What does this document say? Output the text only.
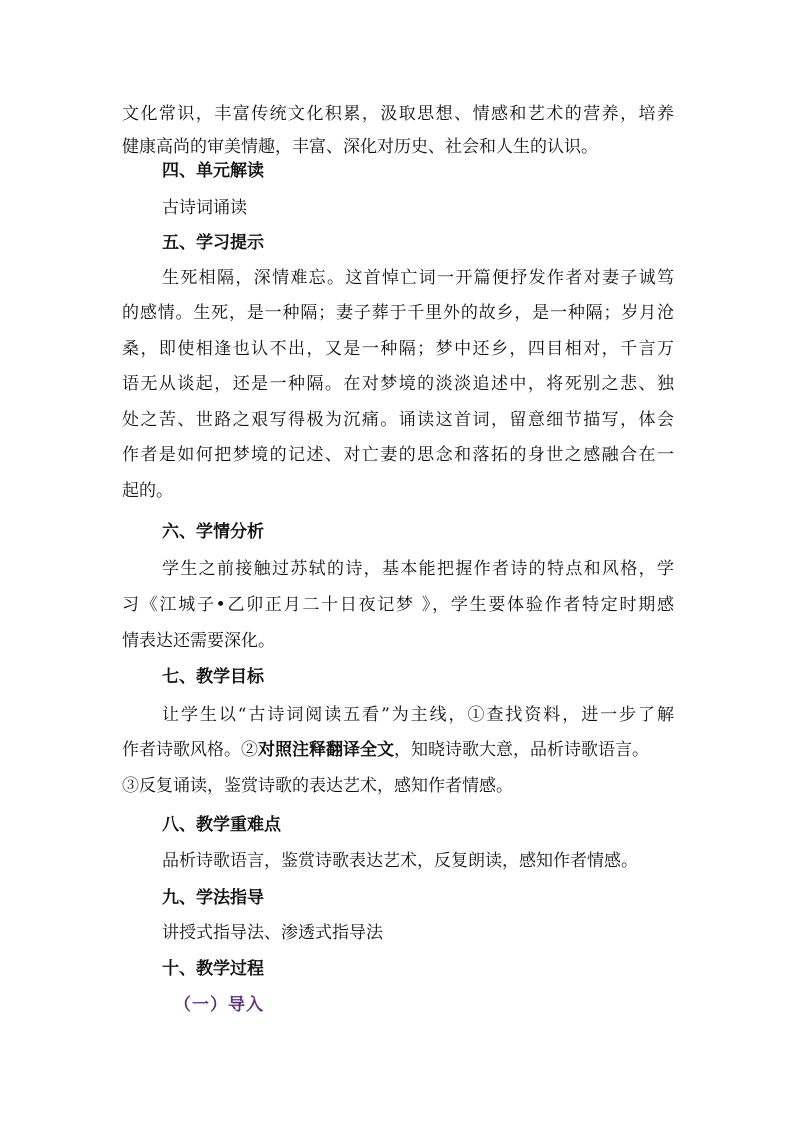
文化常识，丰富传统文化积累，汲取思想、情感和艺术的营养，培养
健康高尚的审美情趣，丰富、深化对历史、社会和人生的认识。
四、单元解读
古诗词诵读
五、学习提示
生死相隔，深情难忘。这首悼亡词一开篇便抒发作者对妻子诚笃
的感情。生死，是一种隔；妻子葬于千里外的故乡，是一种隔；岁月沧
桑，即使相逢也认不出，又是一种隔；梦中还乡，四目相对，千言万
语无从谈起，还是一种隔。在对梦境的淡淡追述中，将死别之悲、独
处之苦、世路之艰写得极为沉痛。诵读这首词，留意细节描写，体会
作者是如何把梦境的记述、对亡妻的思念和落拓的身世之感融合在一
起的。
六、学情分析
学生之前接触过苏轼的诗，基本能把握作者诗的特点和风格，学
习《江城子•乙卯正月二十日夜记梦 》，学生要体验作者特定时期感
情表达还需要深化。
七、教学目标
让学生以“古诗词阅读五看”为主线，①查找资料，进一步了解
作者诗歌风格。②对照注释翻译全文，知晓诗歌大意，品析诗歌语言。
③反复诵读，鉴赏诗歌的表达艺术，感知作者情感。
八、教学重难点
品析诗歌语言，鉴赏诗歌表达艺术，反复朗读，感知作者情感。
九、学法指导
讲授式指导法、渗透式指导法
十、教学过程
（一）导入
